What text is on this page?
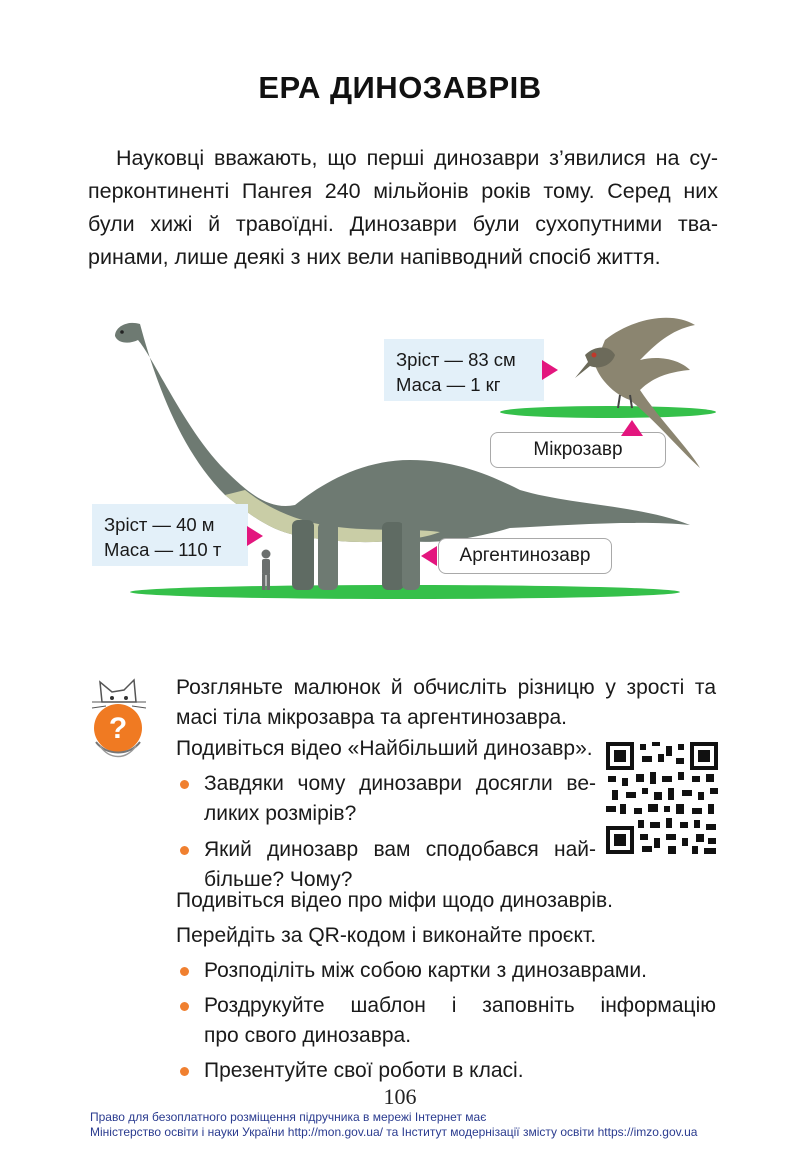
ЕРА ДИНОЗАВРІВ
Науковці вважають, що перші динозаври з’явилися на су-
перконтиненті Пангея 240 мільйонів років тому. Серед них
були хижі й травоїдні. Динозаври були сухопутними тва-
ринами, лише деякі з них вели напівводний спосіб життя.
Зріст — 83 см
Маса — 1 кг
Мікрозавр
Зріст — 40 м
Маса — 110 т	Аргентинозавр
?

Розгляньте малюнок й обчисліть різницю у зрості та

масі тіла мікрозавра та аргентинозавра.

Подивіться відео «Найбільший динозавр».

Завдяки чому динозаври досягли ве-

ликих розмірів?

Який динозавр вам сподобався най-

більше? Чому?

Подивіться відео про міфи щодо динозаврів.

Перейдіть за QR-кодом і виконайте проєкт.

Розподіліть між собою картки з динозаврами.

Роздрукуйте шаблон і заповніть інформацію

про свого динозавра.

Презентуйте свої роботи в класі.

106
Право для безоплатного розміщення підручника в мережі Інтернет має
Міністерство освіти і науки України http://mon.gov.ua/ та Інститут модернізації змісту освіти https://imzo.gov.ua
